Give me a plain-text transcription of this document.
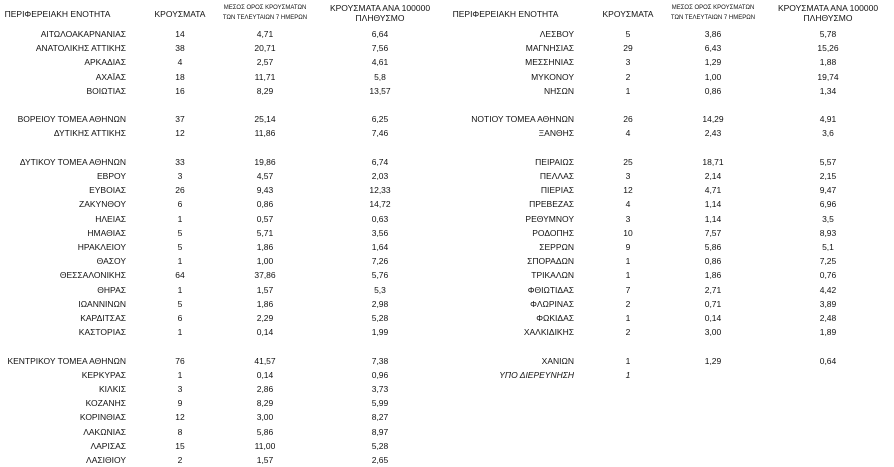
ΠΕΡΙΦΕΡΕΙΑΚΗ ΕΝΟΤΗΤΑ	ΚΡΟΥΣΜΑΤΑ
ΜΕΣΟΣ ΟΡΟΣ ΚΡΟΥΣΜΑΤΩΝ
ΤΩΝ ΤΕΛΕΥΤΑΙΩΝ 7 ΗΜΕΡΩΝ
ΚΡΟΥΣΜΑΤΑ ΑΝΑ 100000
ΠΛΗΘΥΣΜΟ
ΑΙΤΩΛΟΑΚΑΡΝΑΝΙΑΣ	14	4,71	6,64
ΑΝΑΤΟΛΙΚΗΣ ΑΤΤΙΚΗΣ	38	20,71	7,56
ΑΡΚΑΔΙΑΣ	4	2,57	4,61
ΑΧΑΪΑΣ	18	11,71	5,8
ΒΟΙΩΤΙΑΣ	16	8,29	13,57
ΒΟΡΕΙΟΥ ΤΟΜΕΑ ΑΘΗΝΩΝ	37	25,14	6,25
ΔΥΤΙΚΗΣ ΑΤΤΙΚΗΣ	12	11,86	7,46
ΔΥΤΙΚΟΥ ΤΟΜΕΑ ΑΘΗΝΩΝ	33	19,86	6,74
ΕΒΡΟΥ	3	4,57	2,03
ΕΥΒΟΙΑΣ	26	9,43	12,33
ΖΑΚΥΝΘΟΥ	6	0,86	14,72
ΗΛΕΙΑΣ	1	0,57	0,63
ΗΜΑΘΙΑΣ	5	5,71	3,56
ΗΡΑΚΛΕΙΟΥ	5	1,86	1,64
ΘΑΣΟΥ	1	1,00	7,26
ΘΕΣΣΑΛΟΝΙΚΗΣ	64	37,86	5,76
ΘΗΡΑΣ	1	1,57	5,3
ΙΩΑΝΝΙΝΩΝ	5	1,86	2,98
ΚΑΡΔΙΤΣΑΣ	6	2,29	5,28
ΚΑΣΤΟΡΙΑΣ	1	0,14	1,99
ΚΕΝΤΡΙΚΟΥ ΤΟΜΕΑ ΑΘΗΝΩΝ	76	41,57	7,38
ΚΕΡΚΥΡΑΣ	1	0,14	0,96
ΚΙΛΚΙΣ	3	2,86	3,73
ΚΟΖΑΝΗΣ	9	8,29	5,99
ΚΟΡΙΝΘΙΑΣ	12	3,00	8,27
ΛΑΚΩΝΙΑΣ	8	5,86	8,97
ΛΑΡΙΣΑΣ	15	11,00	5,28
ΛΑΣΙΘΙΟΥ	2	1,57	2,65
ΠΕΡΙΦΕΡΕΙΑΚΗ ΕΝΟΤΗΤΑ	ΚΡΟΥΣΜΑΤΑ
ΜΕΣΟΣ ΟΡΟΣ ΚΡΟΥΣΜΑΤΩΝ
ΤΩΝ ΤΕΛΕΥΤΑΙΩΝ 7 ΗΜΕΡΩΝ
ΚΡΟΥΣΜΑΤΑ ΑΝΑ 100000
ΠΛΗΘΥΣΜΟ
ΛΕΣΒΟΥ	5	3,86	5,78
ΜΑΓΝΗΣΙΑΣ	29	6,43	15,26
ΜΕΣΣΗΝΙΑΣ	3	1,29	1,88
ΜΥΚΟΝΟΥ	2	1,00	19,74
ΝΗΣΩΝ	1	0,86	1,34
ΝΟΤΙΟΥ ΤΟΜΕΑ ΑΘΗΝΩΝ	26	14,29	4,91
ΞΑΝΘΗΣ	4	2,43	3,6
ΠΕΙΡΑΙΩΣ	25	18,71	5,57
ΠΕΛΛΑΣ	3	2,14	2,15
ΠΙΕΡΙΑΣ	12	4,71	9,47
ΠΡΕΒΕΖΑΣ	4	1,14	6,96
ΡΕΘΥΜΝΟΥ	3	1,14	3,5
ΡΟΔΟΠΗΣ	10	7,57	8,93
ΣΕΡΡΩΝ	9	5,86	5,1
ΣΠΟΡΑΔΩΝ	1	0,86	7,25
ΤΡΙΚΑΛΩΝ	1	1,86	0,76
ΦΘΙΩΤΙΔΑΣ	7	2,71	4,42
ΦΛΩΡΙΝΑΣ	2	0,71	3,89
ΦΩΚΙΔΑΣ	1	0,14	2,48
ΧΑΛΚΙΔΙΚΗΣ	2	3,00	1,89
ΧΑΝΙΩΝ	1	1,29	0,64
ΥΠΟ ΔΙΕΡΕΥΝΗΣΗ	1
